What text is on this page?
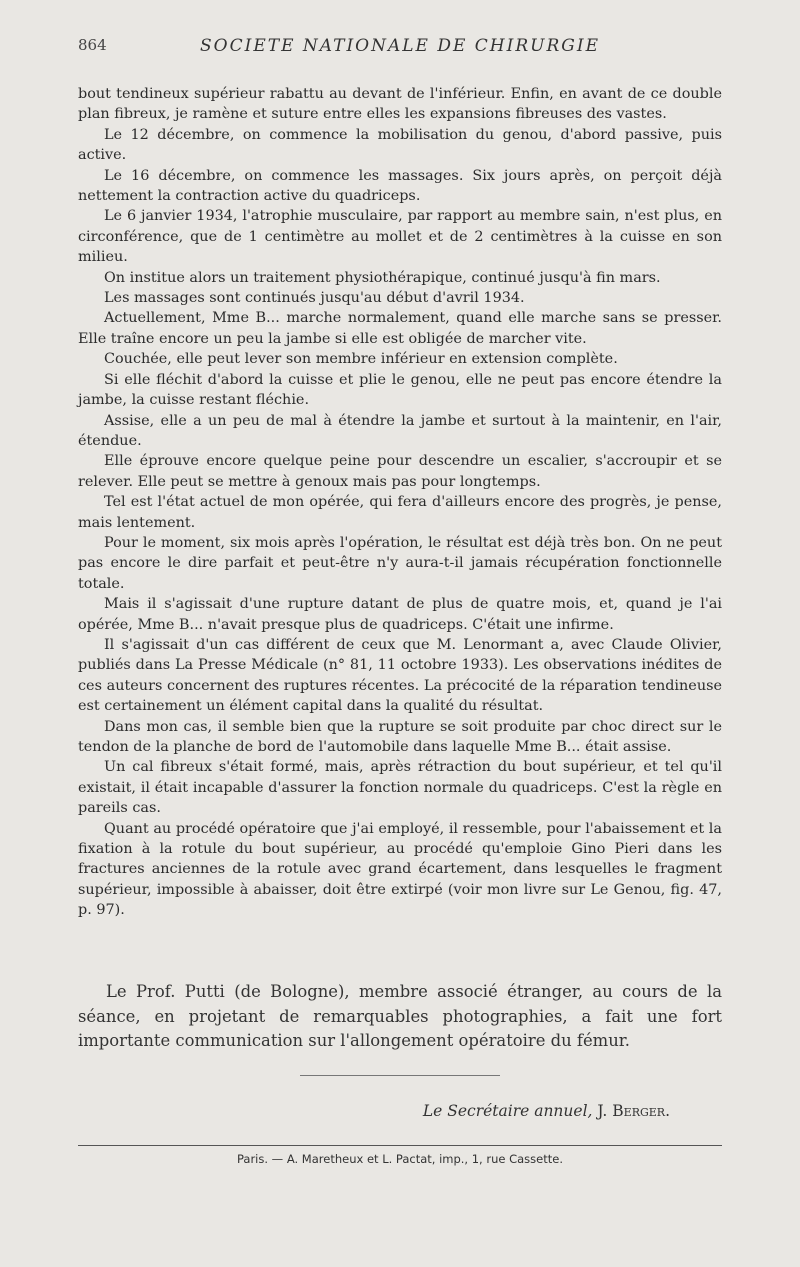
864	SOCIETE NATIONALE DE CHIRURGIE

bout tendineux supérieur rabattu au devant de l'inférieur. Enfin, en avant de ce double plan fibreux, je ramène et suture entre elles les expansions fibreuses des vastes.

Le 12 décembre, on commence la mobilisation du genou, d'abord passive, puis active.

Le 16 décembre, on commence les massages. Six jours après, on perçoit déjà nettement la contraction active du quadriceps.

Le 6 janvier 1934, l'atrophie musculaire, par rapport au membre sain, n'est plus, en circonférence, que de 1 centimètre au mollet et de 2 centimètres à la cuisse en son milieu.

On institue alors un traitement physiothérapique, continué jusqu'à fin mars.

Les massages sont continués jusqu'au début d'avril 1934.

Actuellement, Mme B... marche normalement, quand elle marche sans se presser. Elle traîne encore un peu la jambe si elle est obligée de marcher vite.

Couchée, elle peut lever son membre inférieur en extension complète.

Si elle fléchit d'abord la cuisse et plie le genou, elle ne peut pas encore étendre la jambe, la cuisse restant fléchie.

Assise, elle a un peu de mal à étendre la jambe et surtout à la maintenir, en l'air, étendue.

Elle éprouve encore quelque peine pour descendre un escalier, s'accroupir et se relever. Elle peut se mettre à genoux mais pas pour longtemps.

Tel est l'état actuel de mon opérée, qui fera d'ailleurs encore des progrès, je pense, mais lentement.

Pour le moment, six mois après l'opération, le résultat est déjà très bon. On ne peut pas encore le dire parfait et peut-être n'y aura-t-il jamais récupération fonctionnelle totale.

Mais il s'agissait d'une rupture datant de plus de quatre mois, et, quand je l'ai opérée, Mme B... n'avait presque plus de quadriceps. C'était une infirme.

Il s'agissait d'un cas différent de ceux que M. Lenormant a, avec Claude Olivier, publiés dans La Presse Médicale (n° 81, 11 octobre 1933). Les observations inédites de ces auteurs concernent des ruptures récentes. La précocité de la réparation tendineuse est certainement un élément capital dans la qualité du résultat.

Dans mon cas, il semble bien que la rupture se soit produite par choc direct sur le tendon de la planche de bord de l'automobile dans laquelle Mme B... était assise.

Un cal fibreux s'était formé, mais, après rétraction du bout supérieur, et tel qu'il existait, il était incapable d'assurer la fonction normale du quadriceps. C'est la règle en pareils cas.

Quant au procédé opératoire que j'ai employé, il ressemble, pour l'abaissement et la fixation à la rotule du bout supérieur, au procédé qu'emploie Gino Pieri dans les fractures anciennes de la rotule avec grand écartement, dans lesquelles le fragment supérieur, impossible à abaisser, doit être extirpé (voir mon livre sur Le Genou, fig. 47, p. 97).

Le Prof. Putti (de Bologne), membre associé étranger, au cours de la séance, en projetant de remarquables photographies, a fait une fort importante communication sur l'allongement opératoire du fémur.

Le Secrétaire annuel, J. Berger.
Paris. — A. Maretheux et L. Pactat, imp., 1, rue Cassette.
